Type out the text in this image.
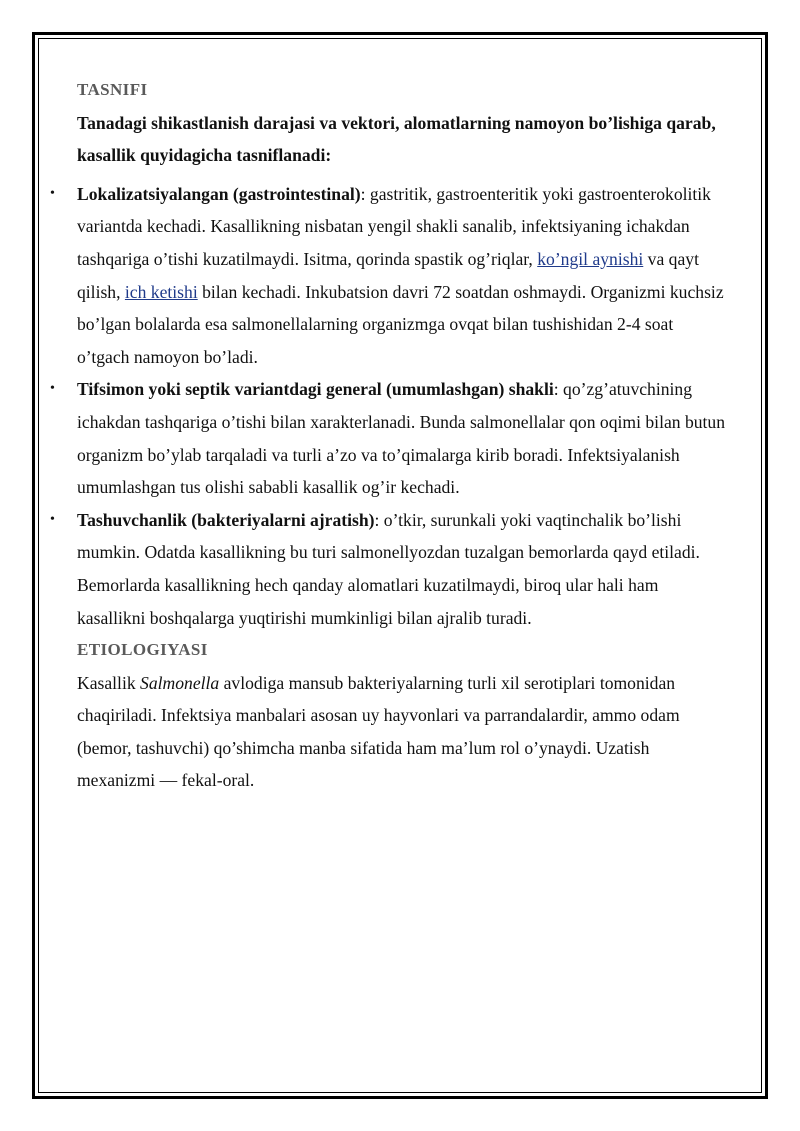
TASNIFI

Tanadagi shikastlanish darajasi va vektori, alomatlarning namoyon bo’lishiga qarab, kasallik quyidagicha tasniflanadi:

• Lokalizatsiyalangan (gastrointestinal): gastritik, gastroenteritik yoki gastroenterokolitik variantda kechadi. Kasallikning nisbatan yengil shakli sanalib, infektsiyaning ichakdan tashqariga o’tishi kuzatilmaydi. Isitma, qorinda spastik og’riqlar, ko’ngil aynishi va qayt qilish, ich ketishi bilan kechadi. Inkubatsion davri 72 soatdan oshmaydi. Organizmi kuchsiz bo’lgan bolalarda esa salmonellalarning organizmga ovqat bilan tushishidan 2-4 soat o’tgach namoyon bo’ladi.
• Tifsimon yoki septik variantdagi general (umumlashgan) shakli: qo’zg’atuvchining ichakdan tashqariga o’tishi bilan xarakterlanadi. Bunda salmonellalar qon oqimi bilan butun organizm bo’ylab tarqaladi va turli a’zo va to’qimalarga kirib boradi. Infektsiyalanish umumlashgan tus olishi sababli kasallik og’ir kechadi.
• Tashuvchanlik (bakteriyalarni ajratish): o’tkir, surunkali yoki vaqtinchalik bo’lishi mumkin. Odatda kasallikning bu turi salmonellyozdan tuzalgan bemorlarda qayd etiladi. Bemorlarda kasallikning hech qanday alomatlari kuzatilmaydi, biroq ular hali ham kasallikni boshqalarga yuqtirishi mumkinligi bilan ajralib turadi.
ETIOLOGIYASI

Kasallik Salmonella avlodiga mansub bakteriyalarning turli xil serotiplari tomonidan chaqiriladi. Infektsiya manbalari asosan uy hayvonlari va parrandalardir, ammo odam (bemor, tashuvchi) qo’shimcha manba sifatida ham ma’lum rol o’ynaydi. Uzatish mexanizmi — fekal-oral.
